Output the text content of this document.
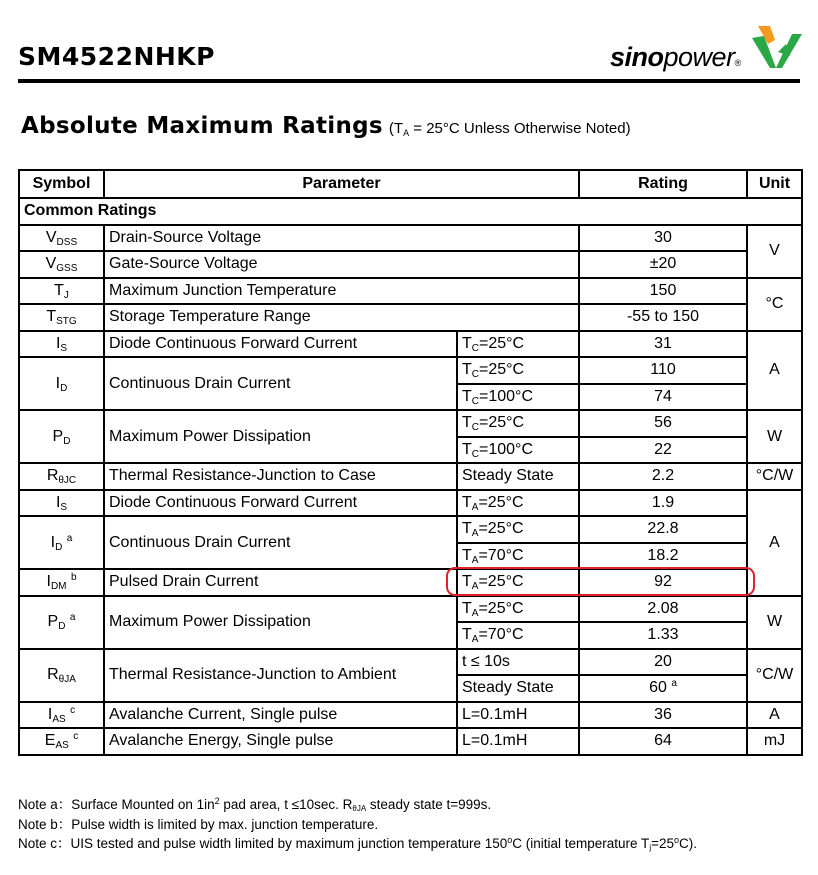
SM4522NHKP	sinopower®
Absolute Maximum Ratings ($T_A = 25^\circ C$ Unless Otherwise Noted)
Symbol	Parameter		Rating	Unit
Common Ratings				
$V_{DSS}$	Drain-Source Voltage		30	V
$V_{GSS}$	Gate-Source Voltage		±20	
$T_J$	Maximum Junction Temperature		150	°C
$T_{STG}$	Storage Temperature Range		-55 to 150	
$I_S$	Diode Continuous Forward Current	$T_C=25^\circ C$	31	A
$I_D$	Continuous Drain Current	$T_C=25^\circ C$	110	
		$T_C=100^\circ C$	74	
$P_D$	Maximum Power Dissipation	$T_C=25^\circ C$	56	W
		$T_C=100^\circ C$	22	
$R_{\theta JC}$	Thermal Resistance-Junction to Case	Steady State	2.2	°C/W
$I_S$	Diode Continuous Forward Current	$T_A=25^\circ C$	1.9	A
$I_D$ $^a$	Continuous Drain Current	$T_A=25^\circ C$	22.8	
		$T_A=70^\circ C$	18.2	
$I_{DM}$ $^b$	Pulsed Drain Current	$T_A=25^\circ C$	92	
$P_D$ $^a$	Maximum Power Dissipation	$T_A=25^\circ C$	2.08	W
		$T_A=70^\circ C$	1.33	
$R_{\theta JA}$	Thermal Resistance-Junction to Ambient	t ≤ 10s	20	°C/W
		Steady State	60 $^a$
$I_{AS}$ $^c$	Avalanche Current, Single pulse	L=0.1mH	36	A
$E_{AS}$ $^c$	Avalanche Energy, Single pulse	L=0.1mH	64	mJ
Note a：Surface Mounted on $1in^2$ pad area, t ≤10sec. $R_{\theta JA}$ steady state t=999s.
Note b：Pulse width is limited by max. junction temperature.
Note c：UIS tested and pulse width limited by maximum junction temperature 150$^o$C (initial temperature $T_j=25^oC$).
